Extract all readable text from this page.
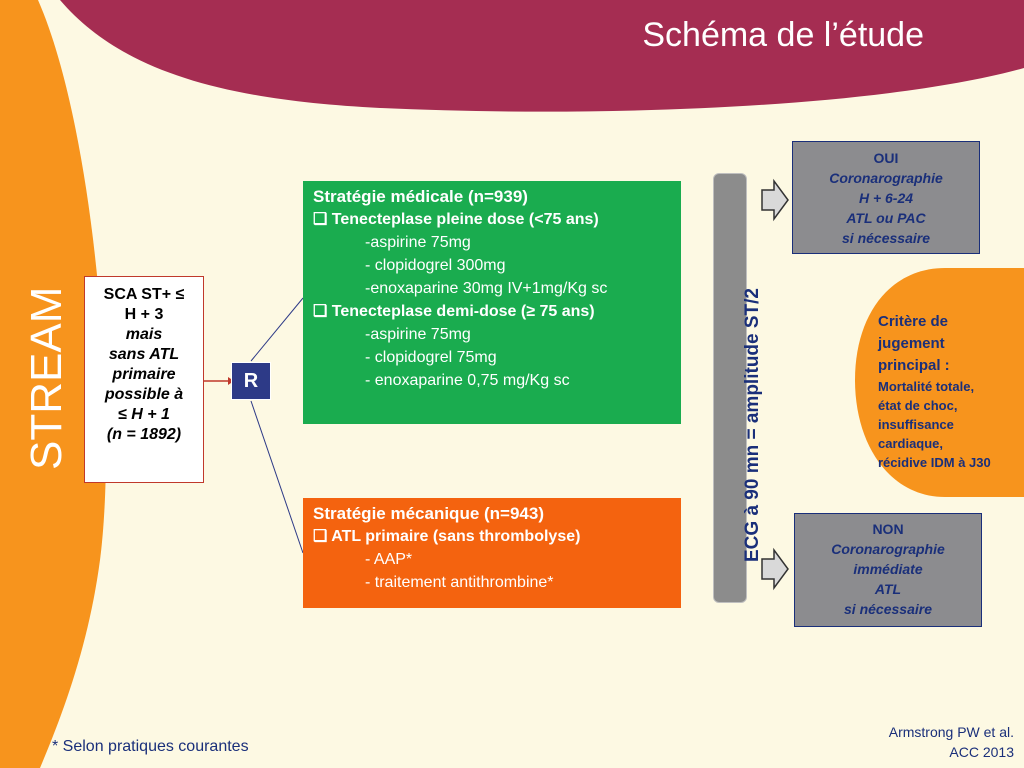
Schéma de l’étude
STREAM	SCA ST+ ≤
H + 3
mais
sans ATL
primaire
possible à
≤ H + 1
(n = 1892)
R
Stratégie médicale (n=939)
❑ Tenecteplase pleine dose (<75 ans)
-aspirine 75mg
- clopidogrel 300mg
-enoxaparine 30mg IV+1mg/Kg sc
❑ Tenecteplase demi-dose (≥ 75 ans)
-aspirine 75mg
- clopidogrel 75mg
- enoxaparine 0,75 mg/Kg sc
Stratégie mécanique (n=943)
❑ ATL primaire (sans thrombolyse)
- AAP*
- traitement antithrombine*
ECG à 90 mn = amplitude ST/2
OUI
Coronarographie
H + 6-24
ATL ou PAC
si nécessaire
NON
Coronarographie
immédiate
ATL
si nécessaire
Critère de
jugement
principal :
Mortalité totale,
état de choc,
insuffisance
cardiaque,
récidive IDM à J30
* Selon pratiques courantes
Armstrong PW et al.
ACC 2013
